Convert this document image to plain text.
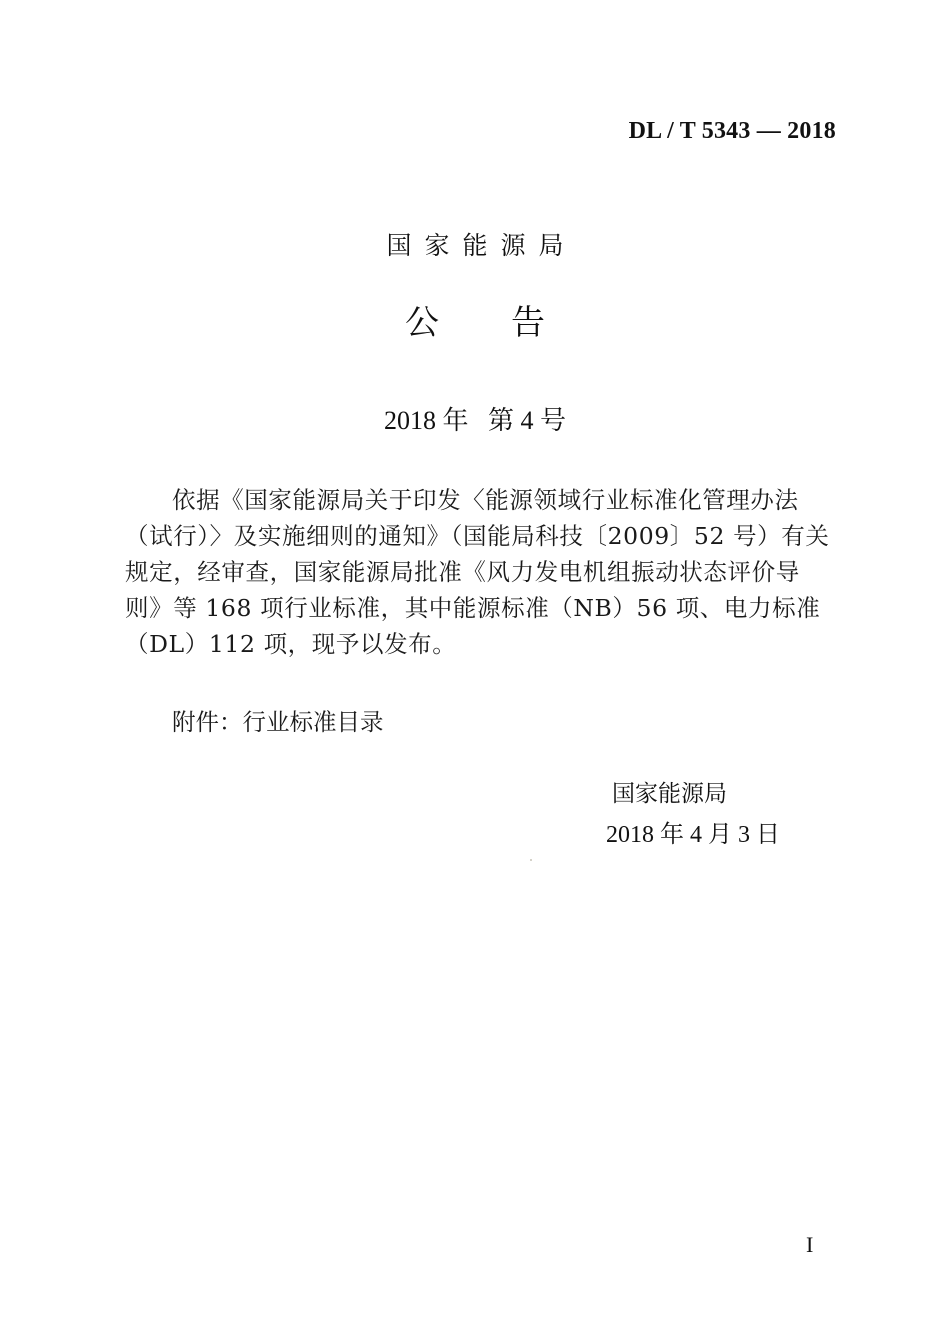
DL / T 5343 — 2018
国家能源局
公 告
2018 年   第 4 号
依据《国家能源局关于印发〈能源领域行业标准化管理办法
（试行）〉及实施细则的通知》（国能局科技〔2009〕52 号）有关
规定，经审查，国家能源局批准《风力发电机组振动状态评价导
则》等 168 项行业标准，其中能源标准（NB）56 项、电力标准
（DL）112 项，现予以发布。
附件：行业标准目录
国家能源局
2018 年 4 月 3 日
I
